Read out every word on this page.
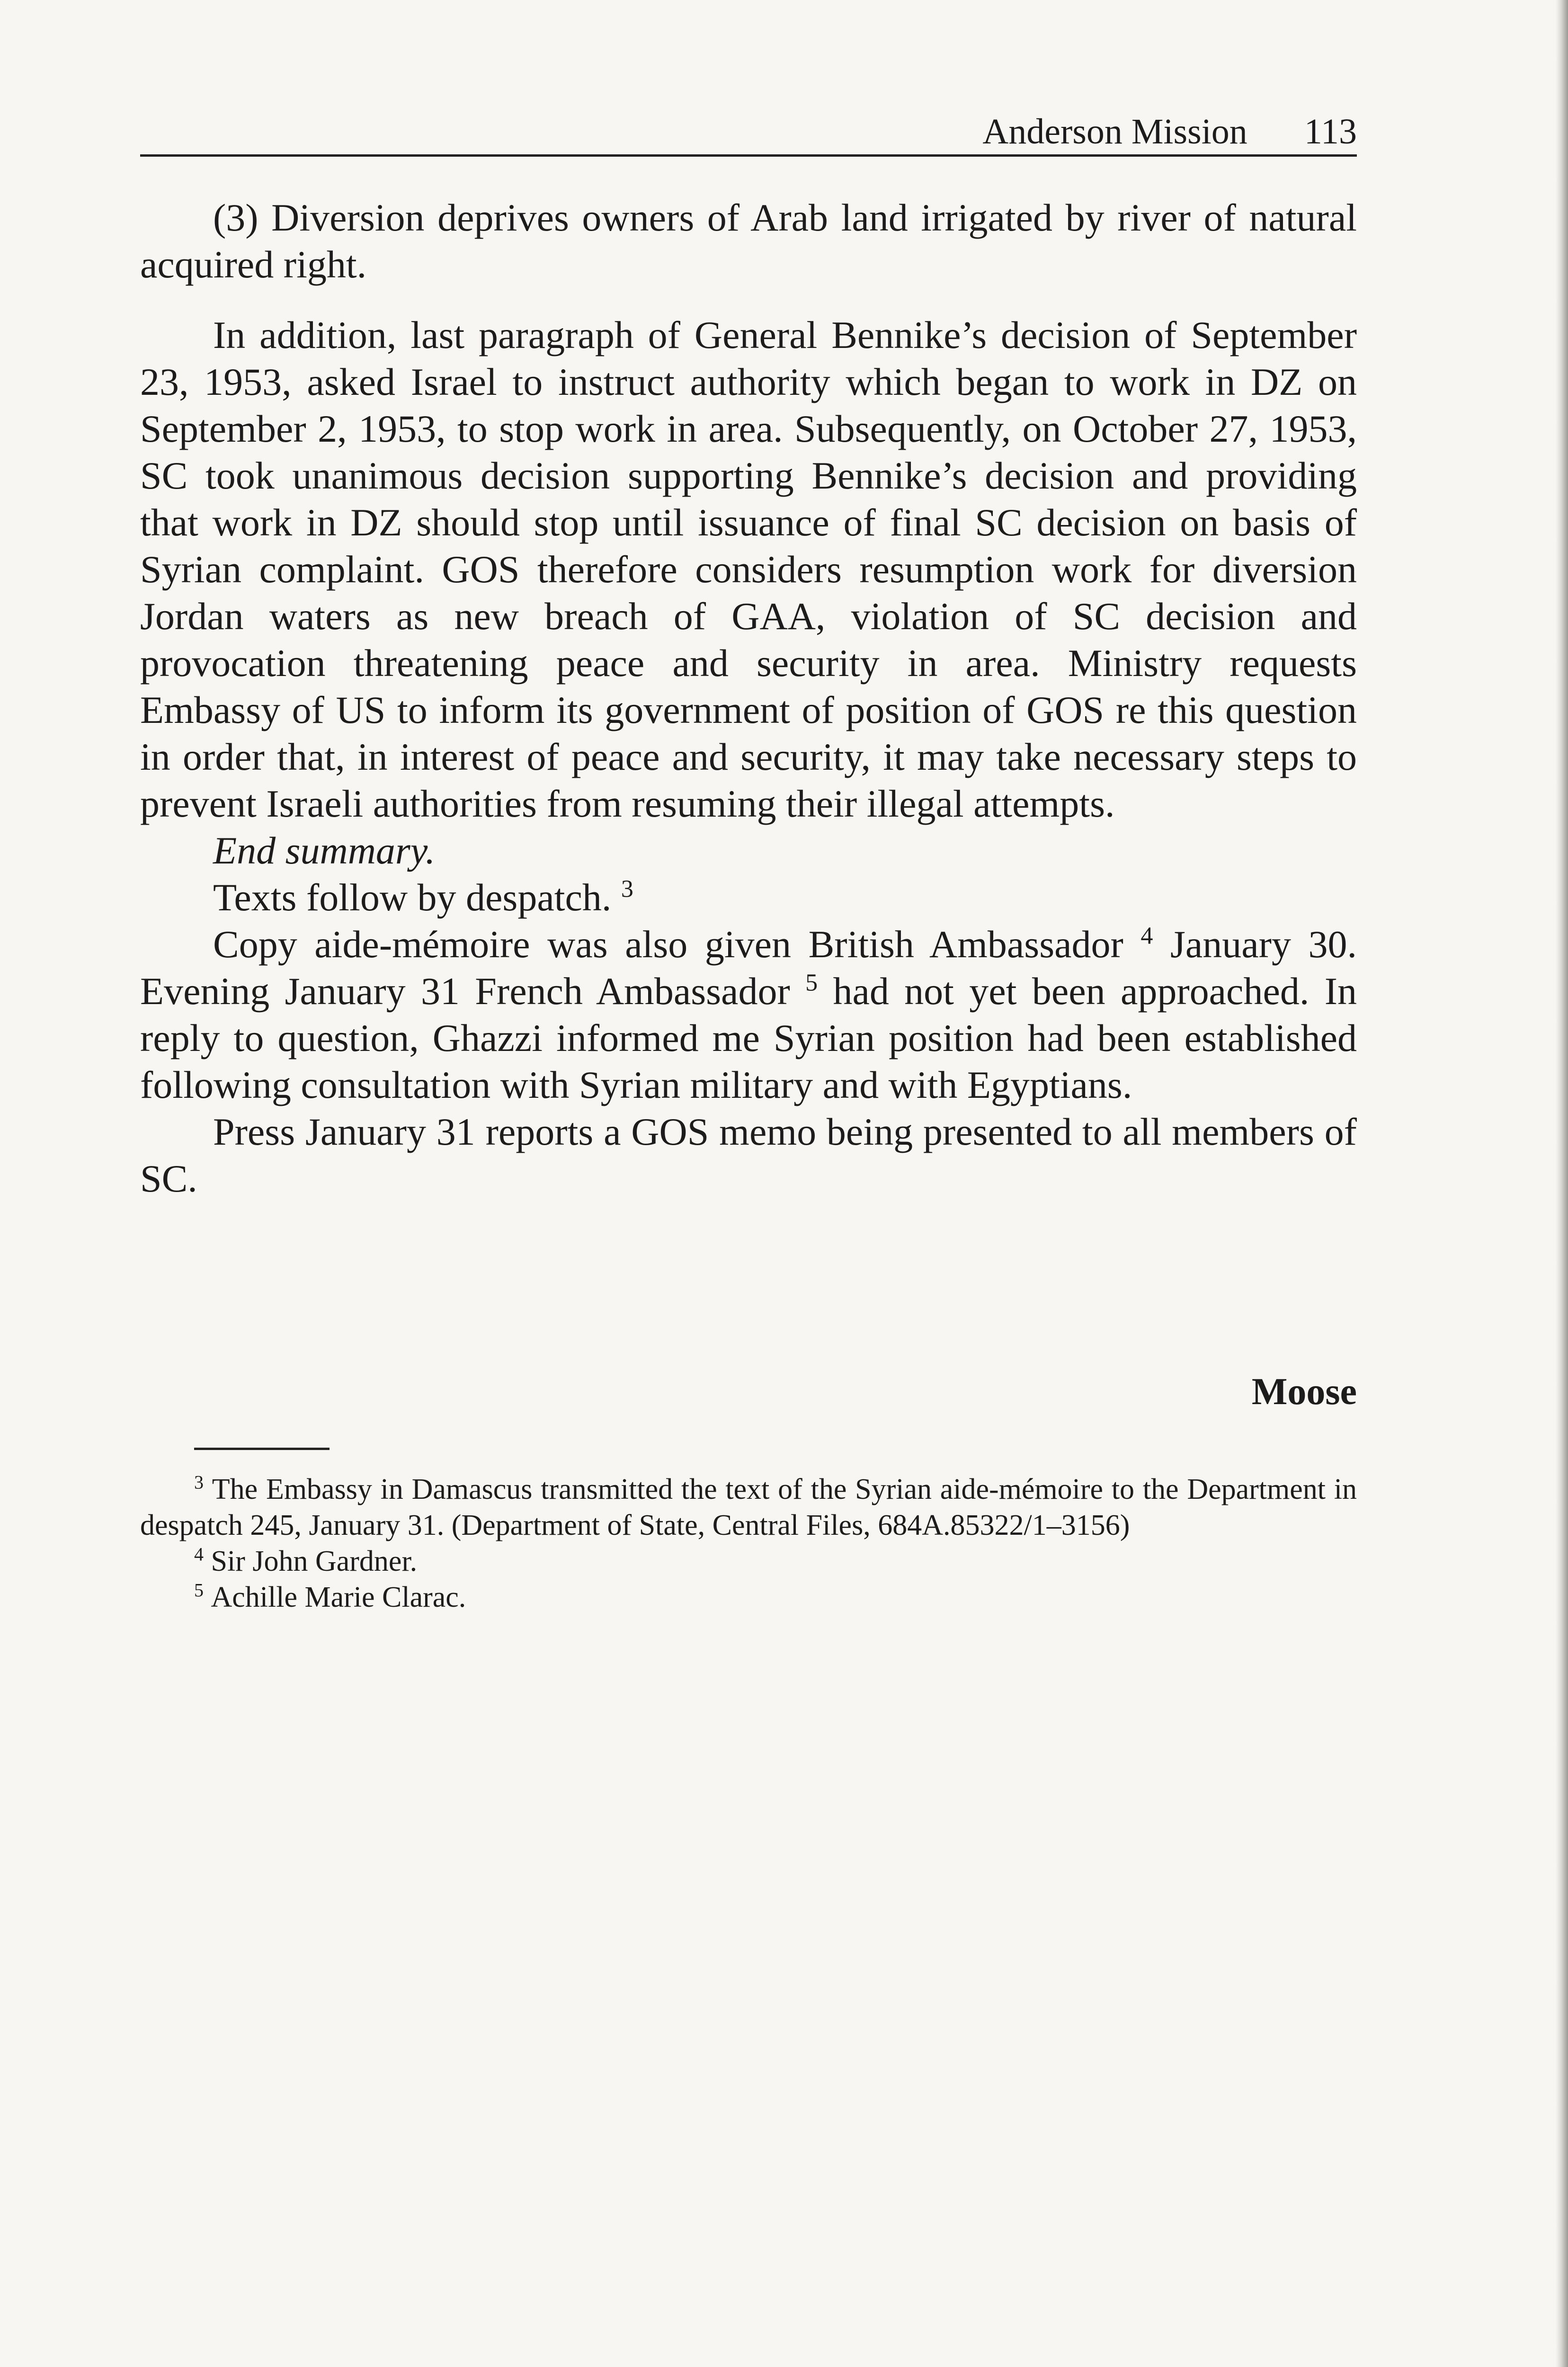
Anderson Mission 113

(3) Diversion deprives owners of Arab land irrigated by river of natural acquired right.

In addition, last paragraph of General Bennike’s decision of September 23, 1953, asked Israel to instruct authority which began to work in DZ on September 2, 1953, to stop work in area. Subsequently, on October 27, 1953, SC took unanimous decision supporting Bennike’s decision and providing that work in DZ should stop until issuance of final SC decision on basis of Syrian complaint. GOS therefore considers resumption work for diversion Jordan waters as new breach of GAA, violation of SC decision and provocation threatening peace and security in area. Ministry requests Embassy of US to inform its government of position of GOS re this question in order that, in interest of peace and security, it may take necessary steps to prevent Israeli authorities from resuming their illegal attempts.

End summary.

Texts follow by despatch. $^3$

Copy aide-mémoire was also given British Ambassador $^4$ January 30. Evening January 31 French Ambassador $^5$ had not yet been approached. In reply to question, Ghazzi informed me Syrian position had been established following consultation with Syrian military and with Egyptians.

Press January 31 reports a GOS memo being presented to all members of SC.

Moose

$^3$ The Embassy in Damascus transmitted the text of the Syrian aide-mémoire to the Department in despatch 245, January 31. (Department of State, Central Files, 684A.85322/1–3156)

$^4$ Sir John Gardner.

$^5$ Achille Marie Clarac.
